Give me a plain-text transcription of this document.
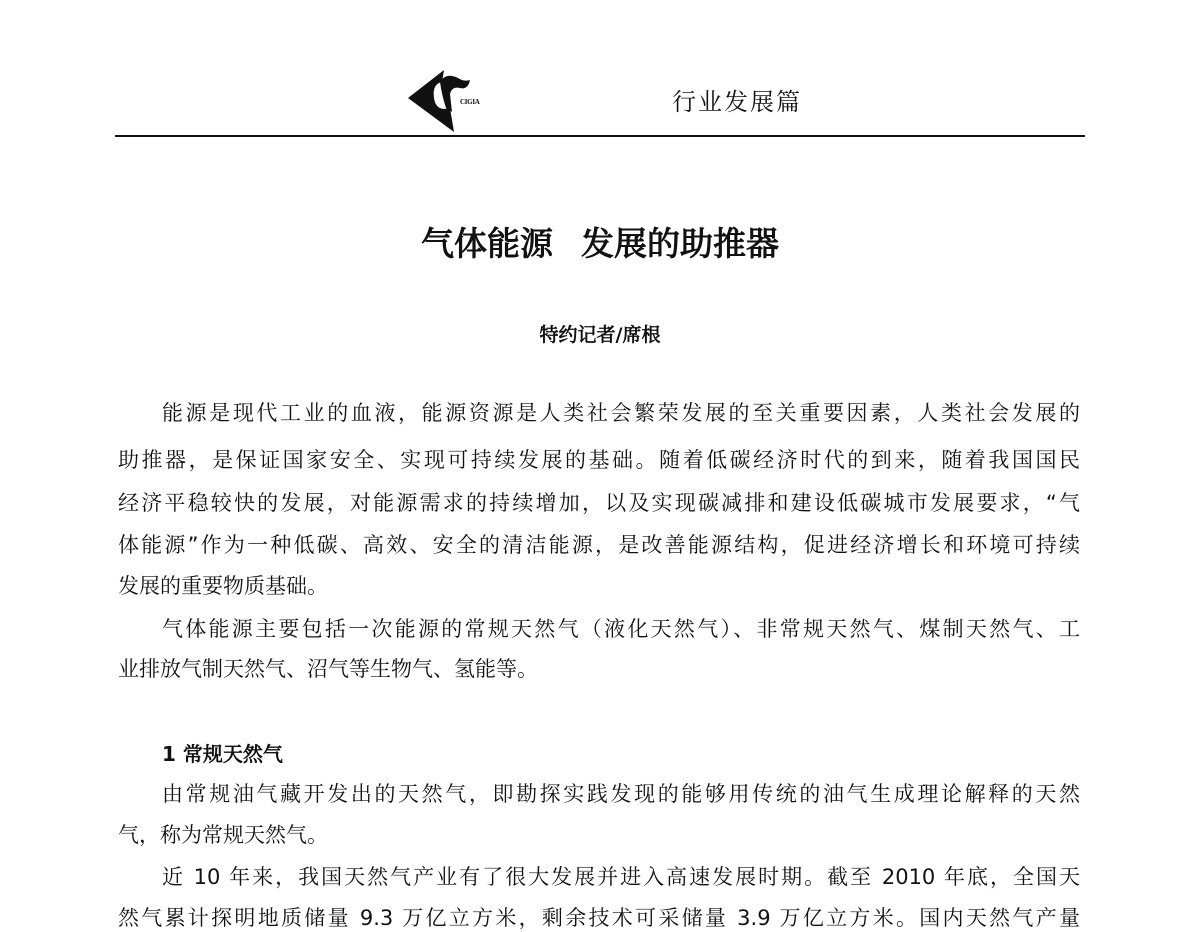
CIGIA	行业发展篇
气体能源 发展的助推器
特约记者/席根
能源是现代工业的血液，能源资源是人类社会繁荣发展的至关重要因素，人类社会发展的
助推器，是保证国家安全、实现可持续发展的基础。随着低碳经济时代的到来，随着我国国民
经济平稳较快的发展，对能源需求的持续增加，以及实现碳减排和建设低碳城市发展要求，“气
体能源”作为一种低碳、高效、安全的清洁能源，是改善能源结构，促进经济增长和环境可持续
发展的重要物质基础。
气体能源主要包括一次能源的常规天然气（液化天然气）、非常规天然气、煤制天然气、工
业排放气制天然气、沼气等生物气、氢能等。
1 常规天然气
由常规油气藏开发出的天然气，即勘探实践发现的能够用传统的油气生成理论解释的天然
气，称为常规天然气。
近 10 年来，我国天然气产业有了很大发展并进入高速发展时期。截至 2010 年底，全国天
然气累计探明地质储量 9.3 万亿立方米，剩余技术可采储量 3.9 万亿立方米。国内天然气产量
